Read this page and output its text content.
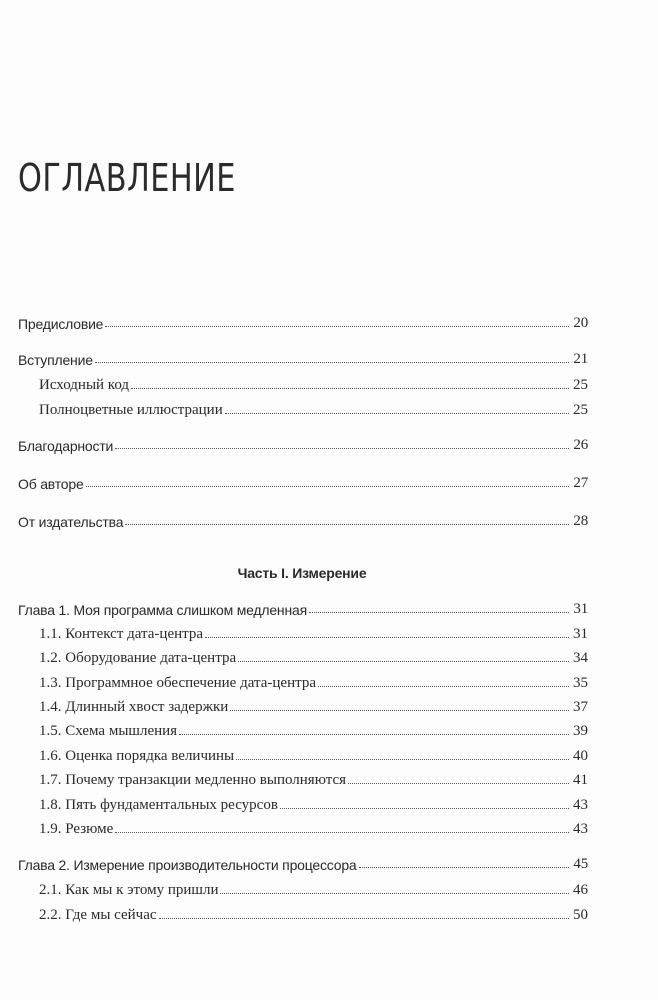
ОГЛАВЛЕНИЕ
Предисловие	20
Вступление	21
Исходный код	25
Полноцветные иллюстрации	25
Благодарности	26
Об авторе	27
От издательства	28
Часть I. Измерение
Глава 1. Моя программа слишком медленная	31
1.1. Контекст дата-центра	31
1.2. Оборудование дата-центра	34
1.3. Программное обеспечение дата-центра	35
1.4. Длинный хвост задержки	37
1.5. Схема мышления	39
1.6. Оценка порядка величины	40
1.7. Почему транзакции медленно выполняются	41
1.8. Пять фундаментальных ресурсов	43
1.9. Резюме	43
Глава 2. Измерение производительности процессора	45
2.1. Как мы к этому пришли	46
2.2. Где мы сейчас	50
